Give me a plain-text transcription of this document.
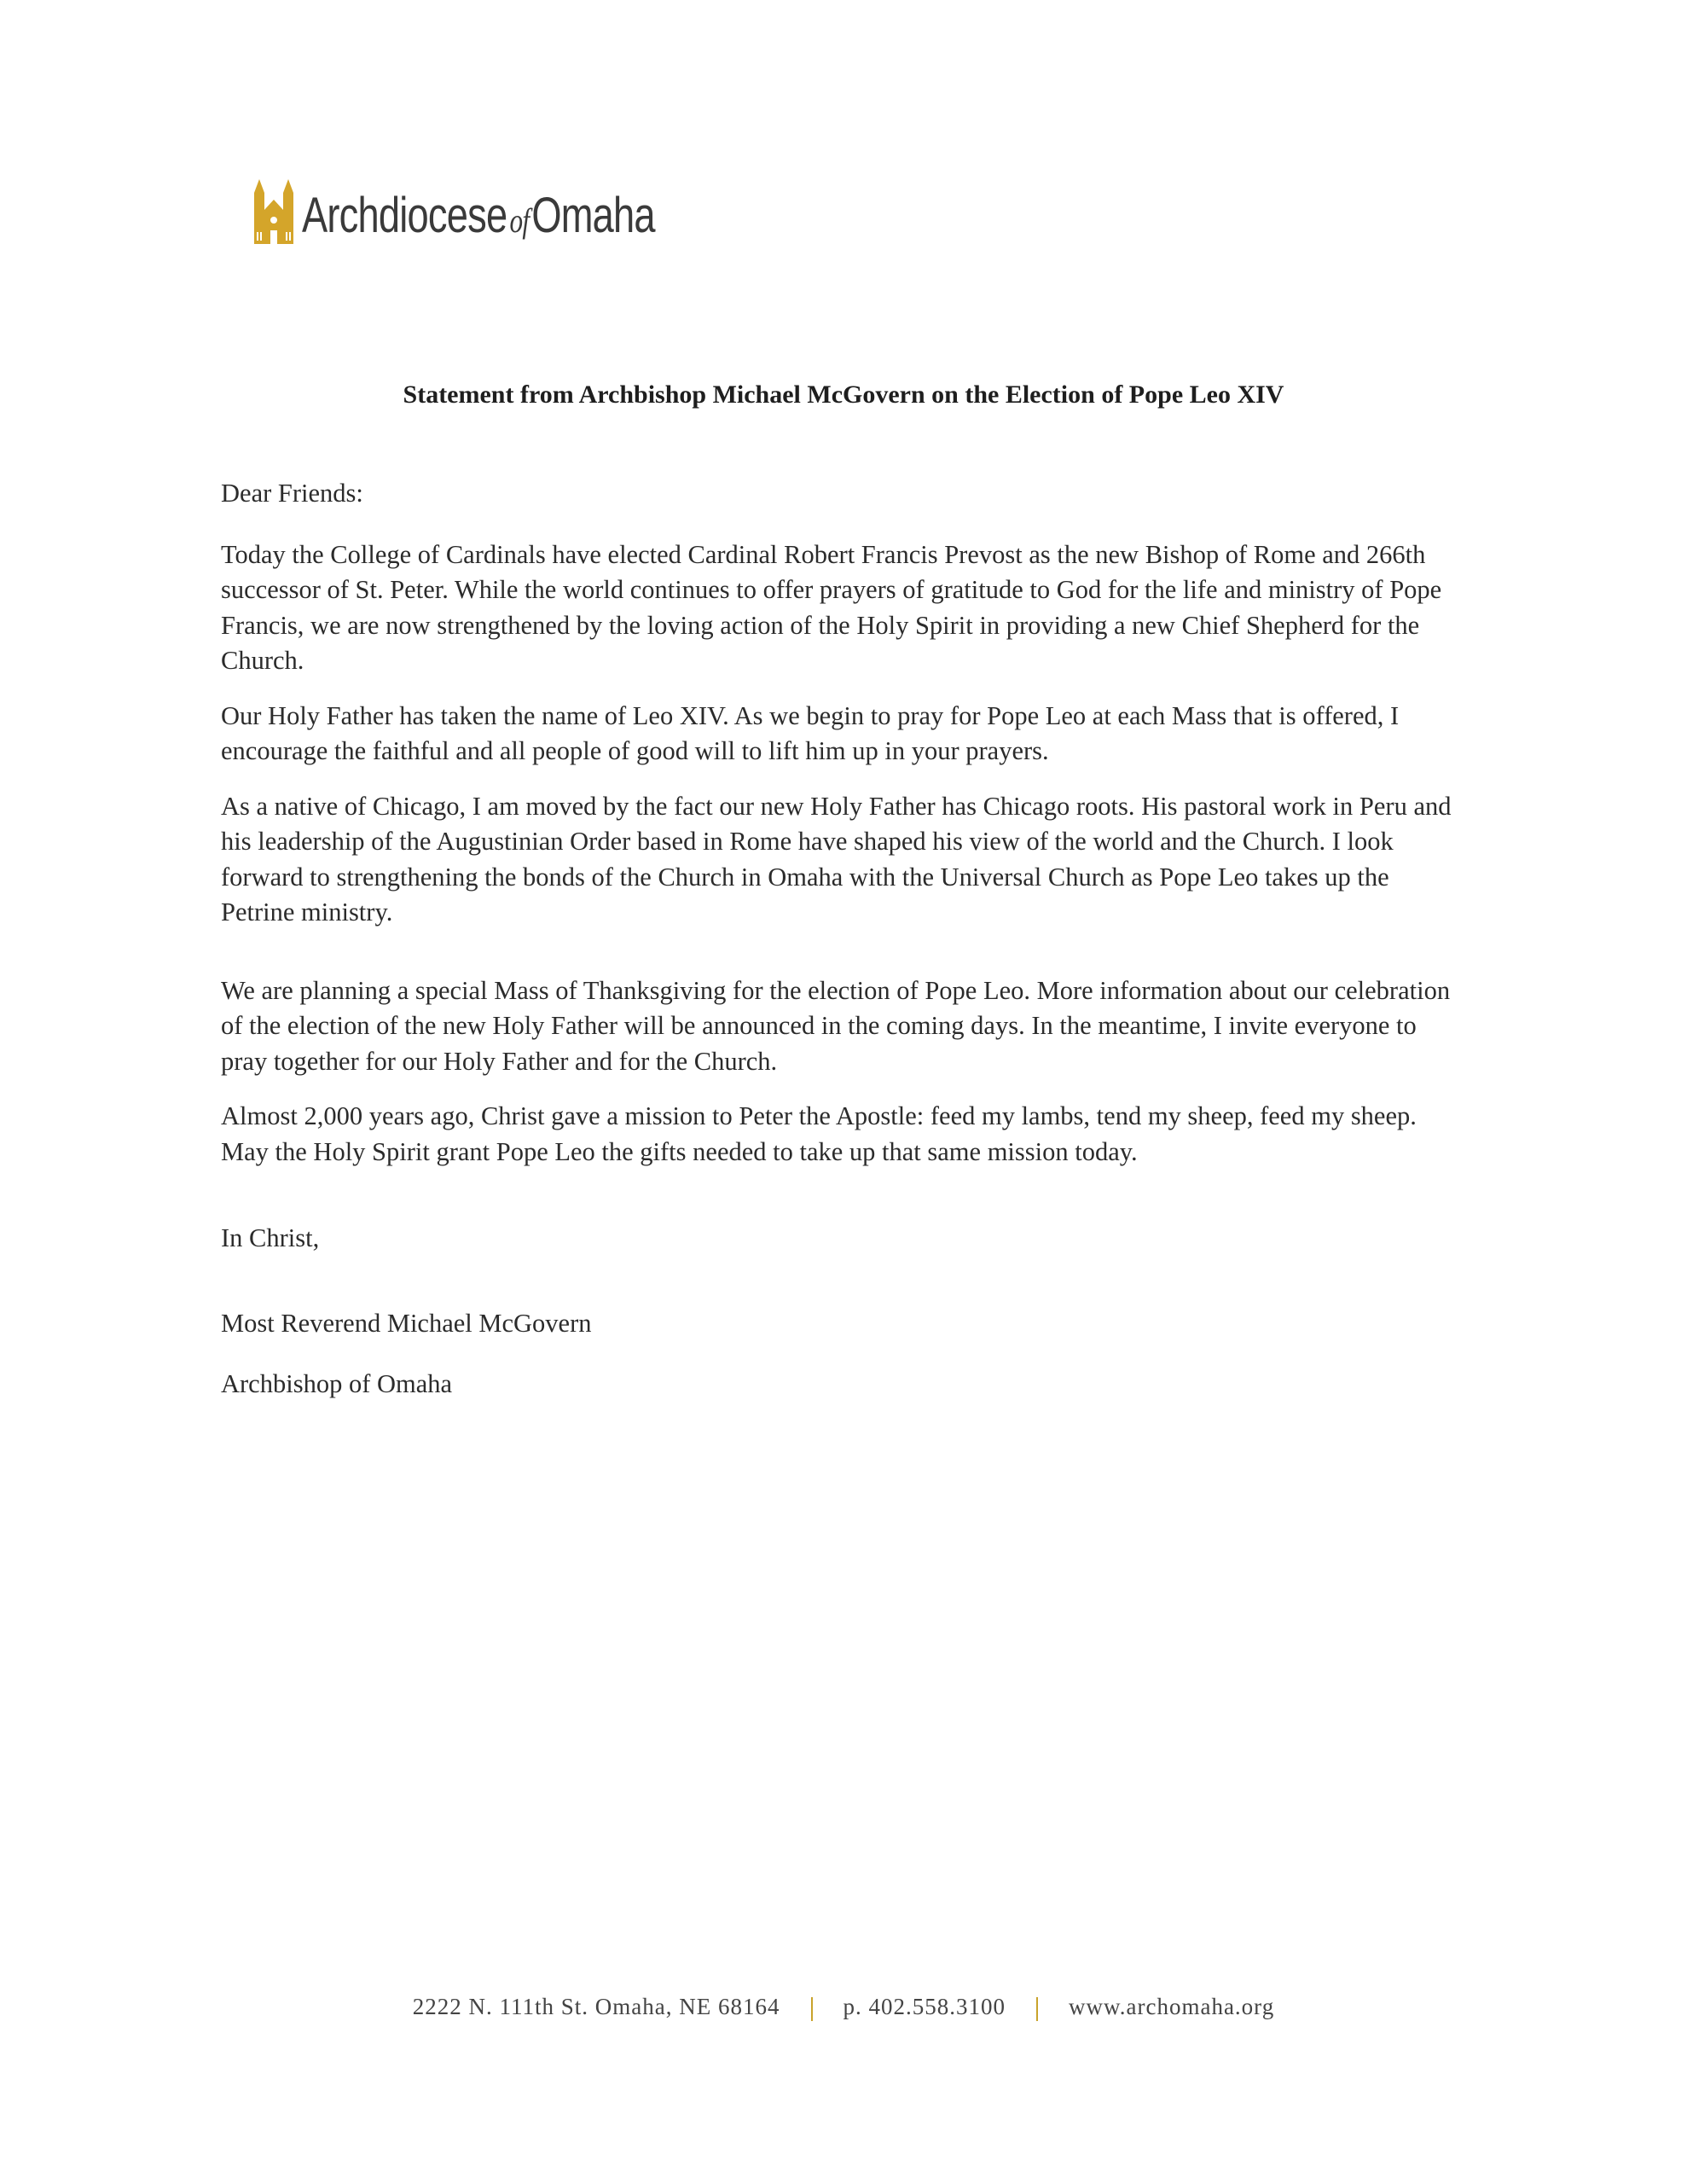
ArchdioceseofOmaha
Statement from Archbishop Michael McGovern on the Election of Pope Leo XIV

Dear Friends:

Today the College of Cardinals have elected Cardinal Robert Francis Prevost as the new Bishop of Rome and 266th successor of St. Peter. While the world continues to offer prayers of gratitude to God for the life and ministry of Pope Francis, we are now strengthened by the loving action of the Holy Spirit in providing a new Chief Shepherd for the Church.

Our Holy Father has taken the name of Leo XIV. As we begin to pray for Pope Leo at each Mass that is offered, I encourage the faithful and all people of good will to lift him up in your prayers.

As a native of Chicago, I am moved by the fact our new Holy Father has Chicago roots. His pastoral work in Peru and his leadership of the Augustinian Order based in Rome have shaped his view of the world and the Church. I look forward to strengthening the bonds of the Church in Omaha with the Universal Church as Pope Leo takes up the Petrine ministry.

We are planning a special Mass of Thanksgiving for the election of Pope Leo. More information about our celebration of the election of the new Holy Father will be announced in the coming days. In the meantime, I invite everyone to pray together for our Holy Father and for the Church.

Almost 2,000 years ago, Christ gave a mission to Peter the Apostle: feed my lambs, tend my sheep, feed my sheep. May the Holy Spirit grant Pope Leo the gifts needed to take up that same mission today.

In Christ,

Most Reverend Michael McGovern

Archbishop of Omaha

2222 N. 111th St. Omaha, NE 68164	p. 402.558.3100	www.archomaha.org
